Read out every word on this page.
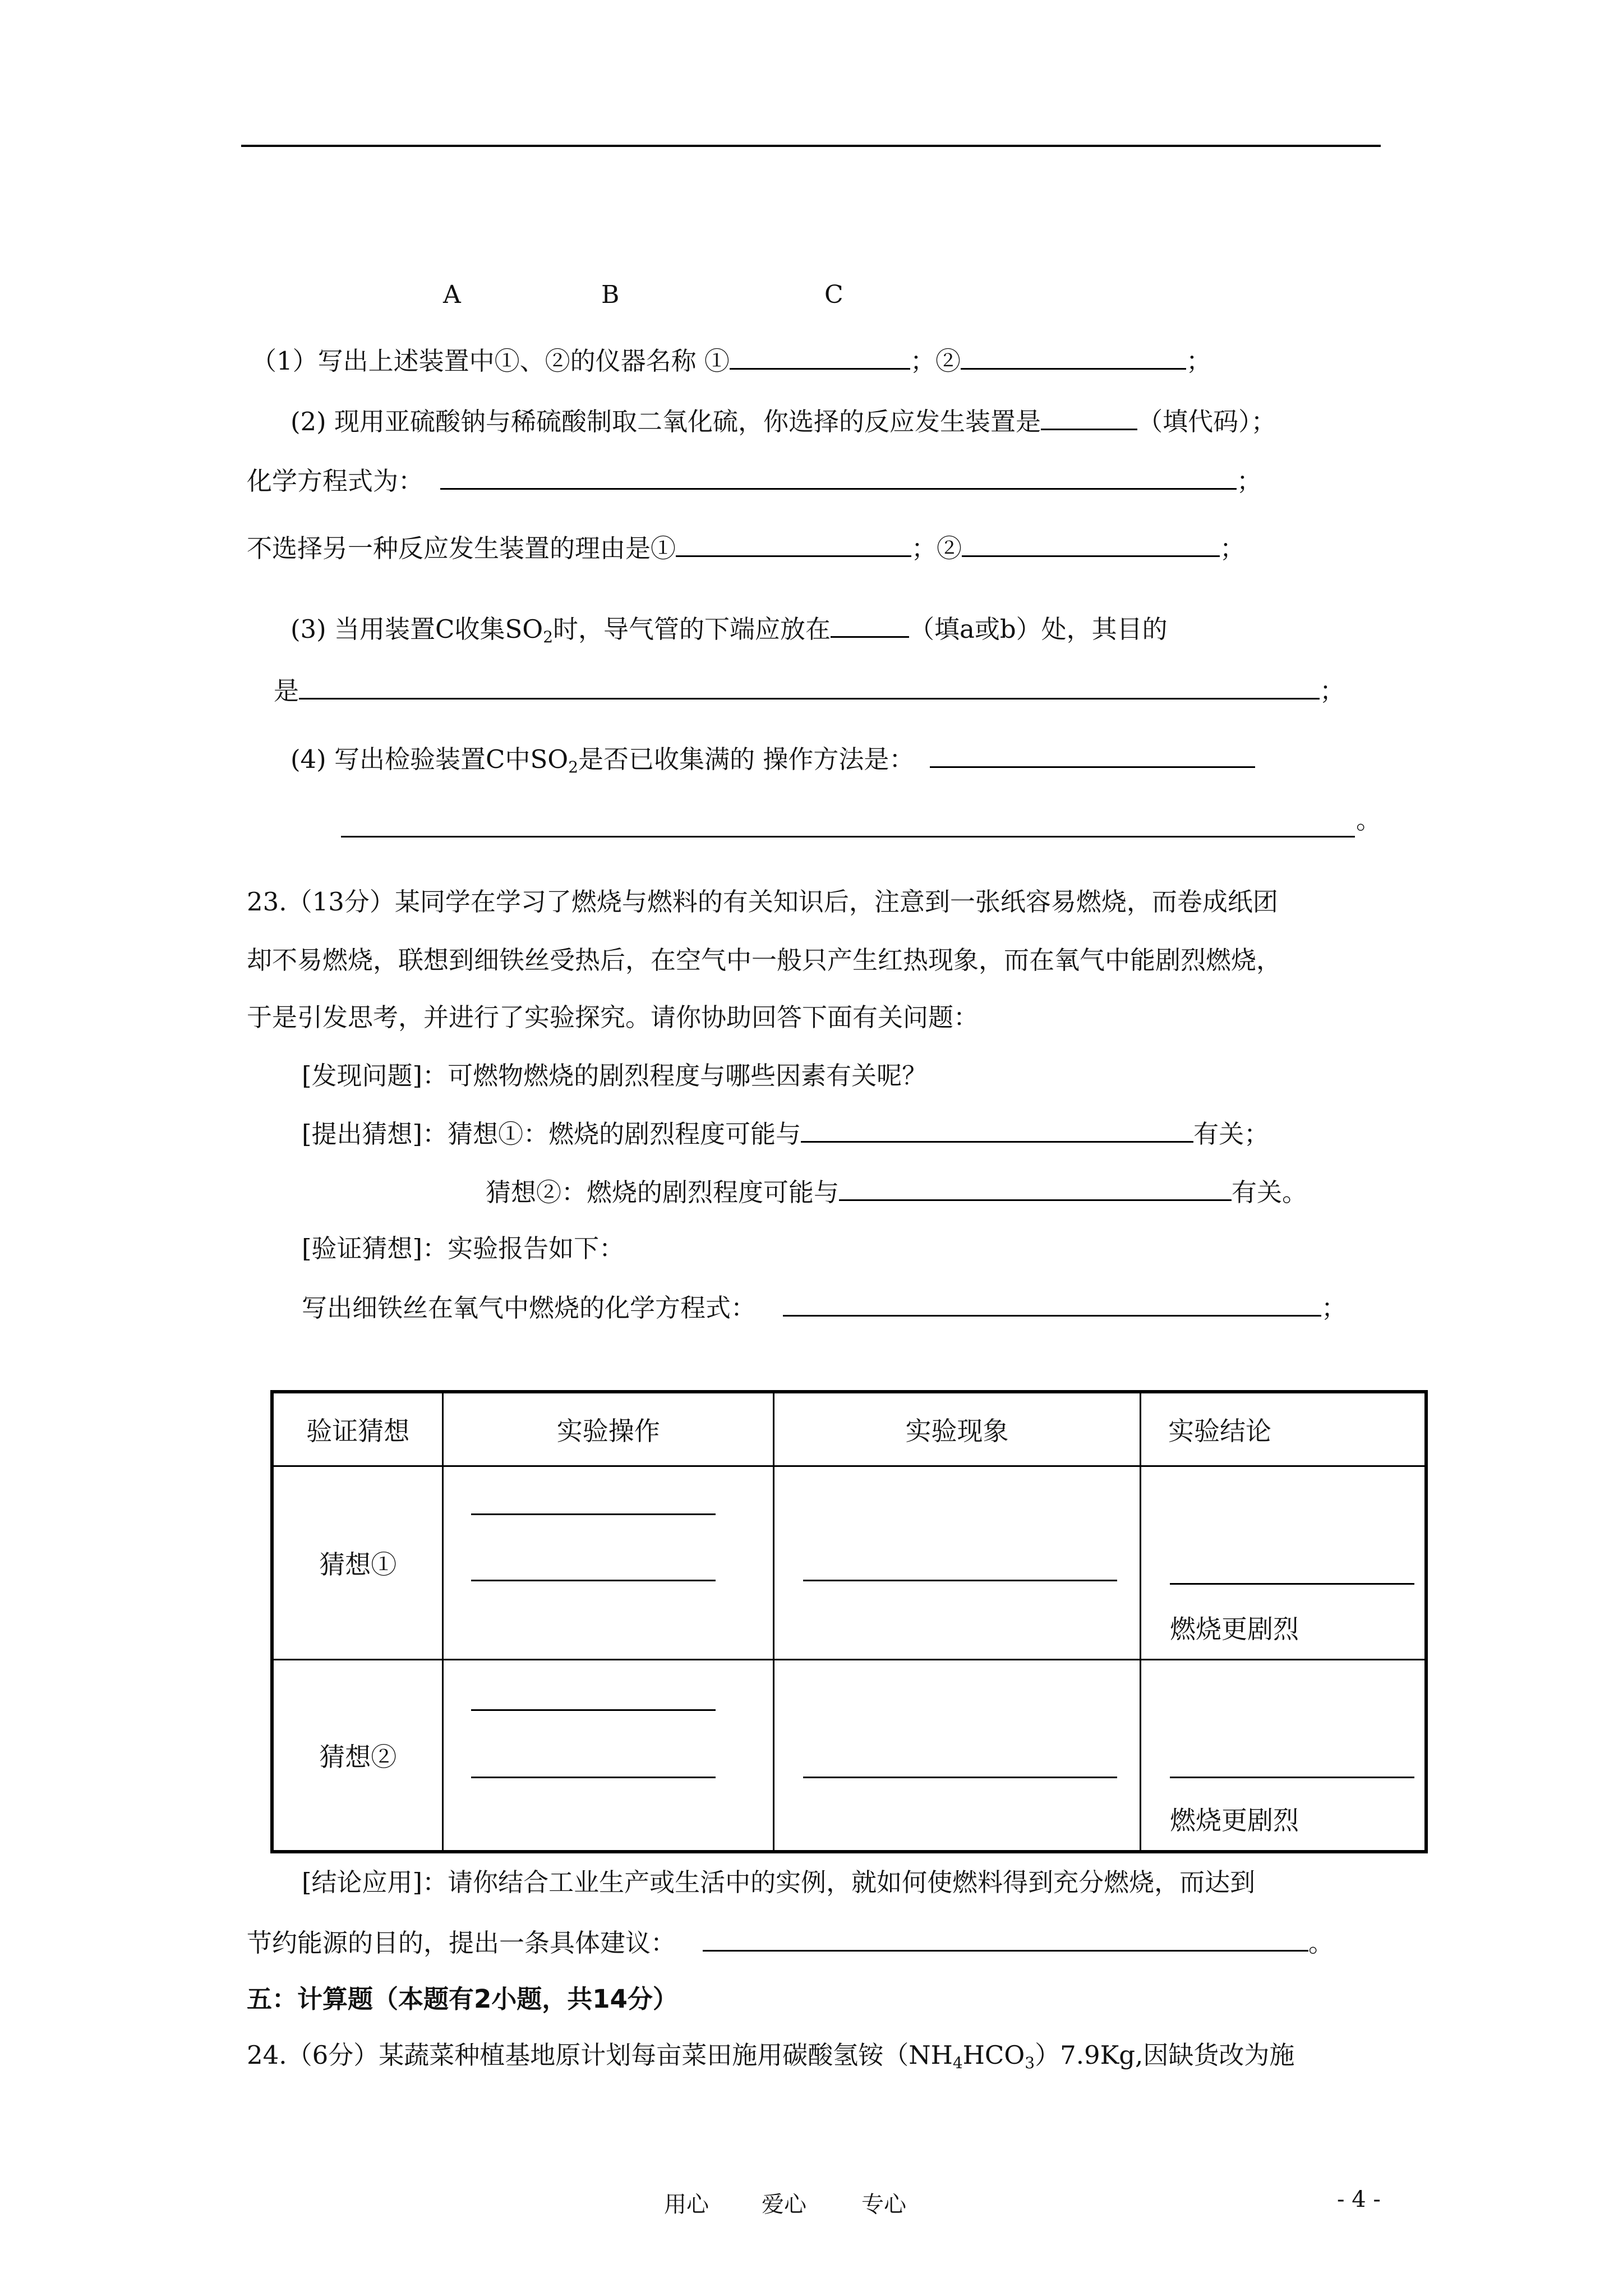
A	B	C
（1）写出上述装置中①、②的仪器名称 ①	；②	；
(2) 现用亚硫酸钠与稀硫酸制取二氧化硫，你选择的反应发生装置是	（填代码）；
化学方程式为：	；
不选择另一种反应发生装置的理由是①	；②	；
(3) 当用装置C收集$SO_2$时，导气管的下端应放在	（填a或b）处，其目的
是	；
(4) 写出检验装置C中$SO_2$是否已收集满的 操作方法是：
。
23.（13分）某同学在学习了燃烧与燃料的有关知识后，注意到一张纸容易燃烧，而卷成纸团
却不易燃烧，联想到细铁丝受热后，在空气中一般只产生红热现象，而在氧气中能剧烈燃烧，
于是引发思考，并进行了实验探究。请你协助回答下面有关问题：
[发现问题]：可燃物燃烧的剧烈程度与哪些因素有关呢？
[提出猜想]：猜想①：燃烧的剧烈程度可能与	有关；
猜想②：燃烧的剧烈程度可能与	有关。
[验证猜想]：实验报告如下：
写出细铁丝在氧气中燃烧的化学方程式：	；
验证猜想	实验操作	实验现象	实验结论
猜想①			燃烧更剧烈

猜想②			燃烧更剧烈
[结论应用]：请你结合工业生产或生活中的实例，就如何使燃料得到充分燃烧，而达到
节约能源的目的，提出一条具体建议：	。
五：计算题（本题有2小题，共14分）
24.（6分）某蔬菜种植基地原计划每亩菜田施用碳酸氢铵$(NH_4HCO_3)7.9Kg$,因缺货改为施
用心 爱心 专心	- 4 -
